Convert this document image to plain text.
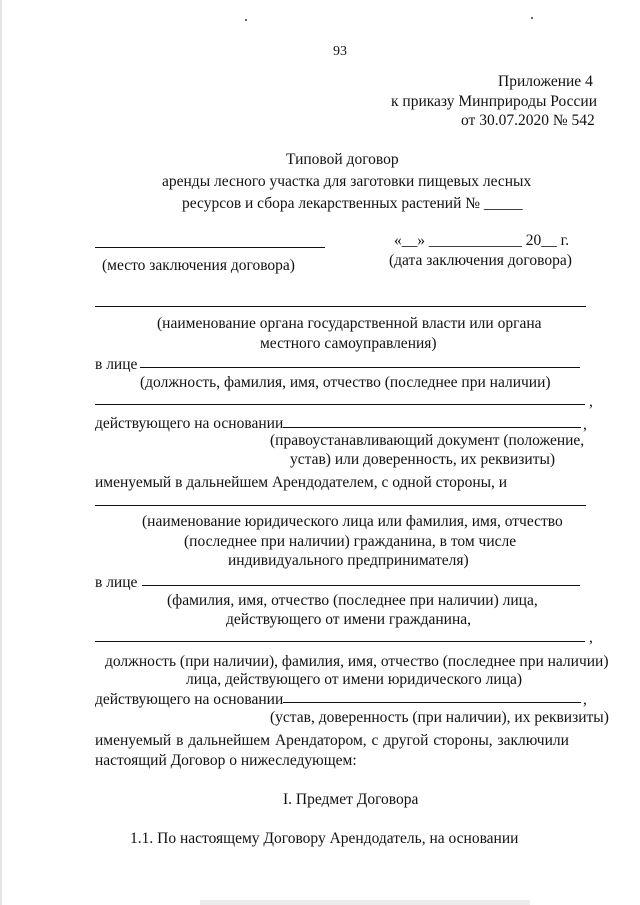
93
Приложение 4
к приказу Минприроды России
от 30.07.2020 № 542
Типовой договор
аренды лесного участка для заготовки пищевых лесных
ресурсов и сбора лекарственных растений № _____
«__» ____________ 20__ г.
(место заключения договора)	(дата заключения договора)
(наименование органа государственной власти или органа
местного самоуправления)
в лице
(должность, фамилия, имя, отчество (последнее при наличии)
,
действующего на основании	,
(правоустанавливающий документ (положение,
устав) или доверенность, их реквизиты)
именуемый в дальнейшем Арендодателем, с одной стороны, и
(наименование юридического лица или фамилия, имя, отчество
(последнее при наличии) гражданина, в том числе
индивидуального предпринимателя)
в лице
(фамилия, имя, отчество (последнее при наличии) лица,
действующего от имени гражданина,
,
должность (при наличии), фамилия, имя, отчество (последнее при наличии)
лица, действующего от имени юридического лица)
действующего на основании	,
(устав, доверенность (при наличии), их реквизиты)
именуемый в дальнейшем Арендатором, с другой стороны, заключили
настоящий Договор о нижеследующем:
I. Предмет Договора
1.1. По настоящему Договору Арендодатель, на основании
